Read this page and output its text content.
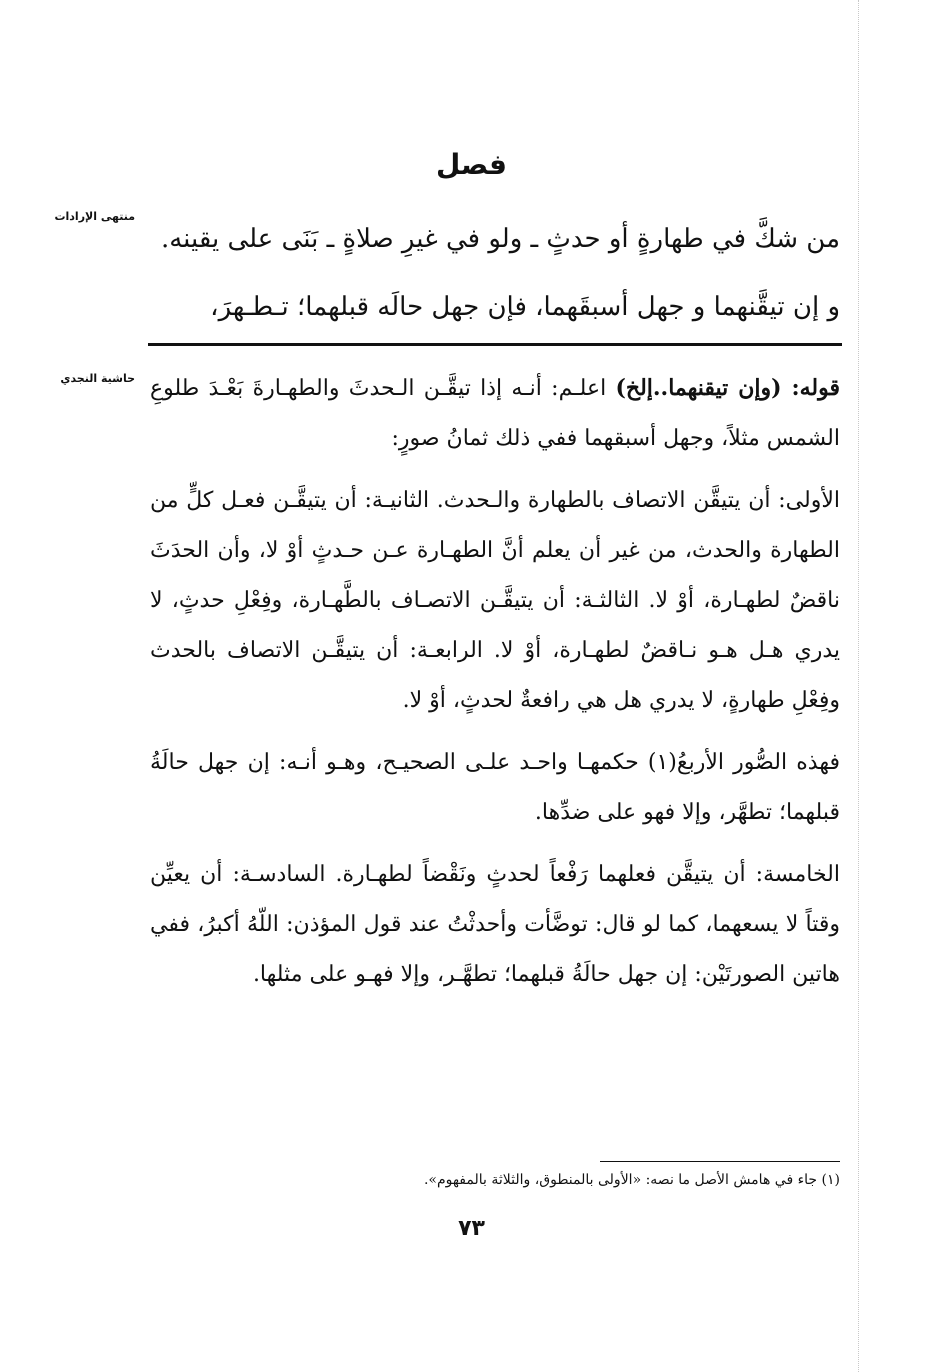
فصل
منتهى الإرادات
من شكَّ في طهارةٍ أو حدثٍ ـ ولو في غيرِ صلاةٍ ـ بَنَى على يقينه.
و إن تيقَّنهما و جهل أسبقَهما، فإن جهل حالَه قبلهما؛ تـطـهرَ،
حاشية النجدي	قوله: (وإن تيقنهما..إلخ) اعلـم: أنـه إذا تيقَّـن الـحدثَ والطهـارةَ بَعْـدَ طلوعِ الشمس مثلاً، وجهل أسبقهما ففي ذلك ثمانُ صورٍ:

الأولى: أن يتيقَّن الاتصاف بالطهارة والـحدث. الثانيـة: أن يتيقَّـن فعـل كلٍّ من الطهارة والحدث، من غير أن يعلم أنَّ الطهـارة عـن حـدثٍ أوْ لا، وأن الحدَثَ ناقضٌ لطهـارة، أوْ لا. الثالثـة: أن يتيقَّـن الاتصـاف بالطَّهـارة، وفِعْلِ حدثٍ، لا يدري هـل هـو نـاقضٌ لطهـارة، أوْ لا. الرابعـة: أن يتيقَّـن الاتصاف بالحدث وفِعْلِ طهارةٍ، لا يدري هل هي رافعةٌ لحدثٍ، أوْ لا.

فهذه الصُّور الأربعُ(١) حكمهـا واحـد علـى الصحيـح، وهـو أنـه: إن جهل حالَةُ قبلهما؛ تطهَّر، وإلا فهو على ضدِّها.

الخامسة: أن يتيقَّن فعلهما رَفْعاً لحدثٍ ونَقْضاً لطهـارة. السادسـة: أن يعيِّن وقتاً لا يسعهما، كما لو قال: توضَّأت وأحدثْتُ عند قول المؤذن: اللّهُ أكبرُ، ففي هاتين الصورتَيْن: إن جهل حالَةُ قبلهما؛ تطهَّـر، وإلا فهـو على مثلها.

(١) جاء في هامش الأصل ما نصه: «الأولى بالمنطوق، والثلاثة بالمفهوم».
٧٣
